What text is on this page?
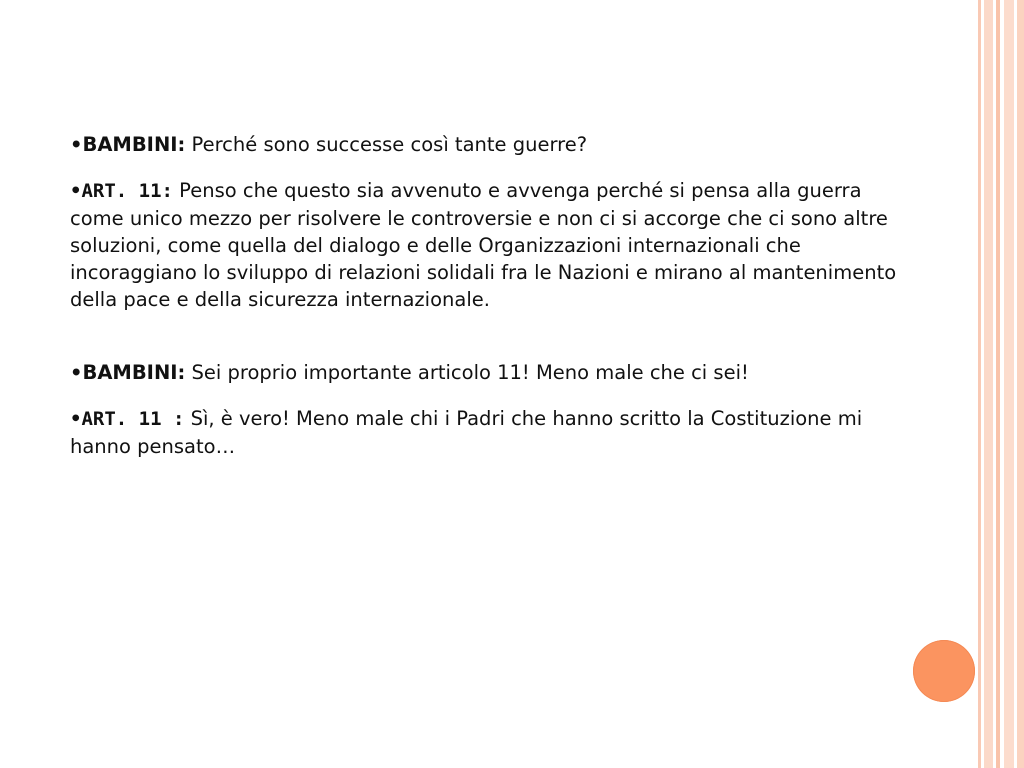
•BAMBINI: Perché sono successe così tante guerre?

•ART. 11: Penso che questo sia avvenuto e avvenga perché si pensa alla guerra come unico mezzo per risolvere le controversie e non ci si accorge che ci sono altre soluzioni, come quella del dialogo e delle Organizzazioni internazionali che incoraggiano lo sviluppo di relazioni solidali fra le Nazioni e mirano al mantenimento della pace e della sicurezza internazionale.

•BAMBINI: Sei proprio importante articolo 11! Meno male che ci sei!

•ART. 11 : Sì, è vero! Meno male chi i Padri che hanno scritto la Costituzione mi hanno pensato…
